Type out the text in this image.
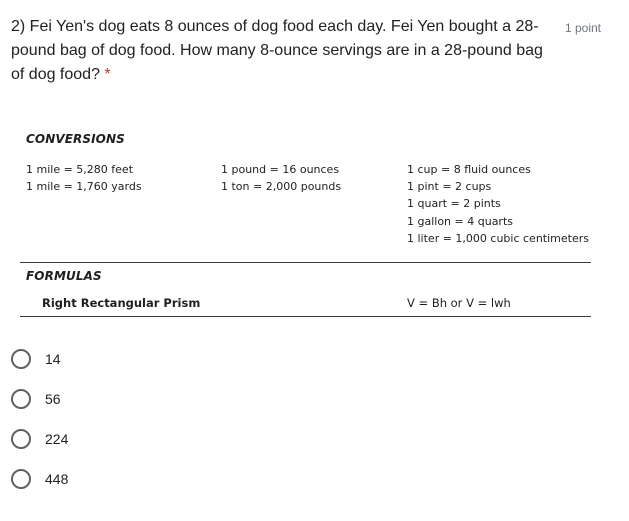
2) Fei Yen's dog eats 8 ounces of dog food each day. Fei Yen bought a 28-pound bag of dog food. How many 8-ounce servings are in a 28-pound bag of dog food? *
1 point
CONVERSIONS
1 mile = 5,280 feet
1 mile = 1,760 yards
1 pound = 16 ounces
1 ton = 2,000 pounds
1 cup = 8 fluid ounces
1 pint = 2 cups
1 quart = 2 pints
1 gallon = 4 quarts
1 liter = 1,000 cubic centimeters
FORMULAS
Right Rectangular Prism	V = Bh or V = lwh
14
56
224
448
